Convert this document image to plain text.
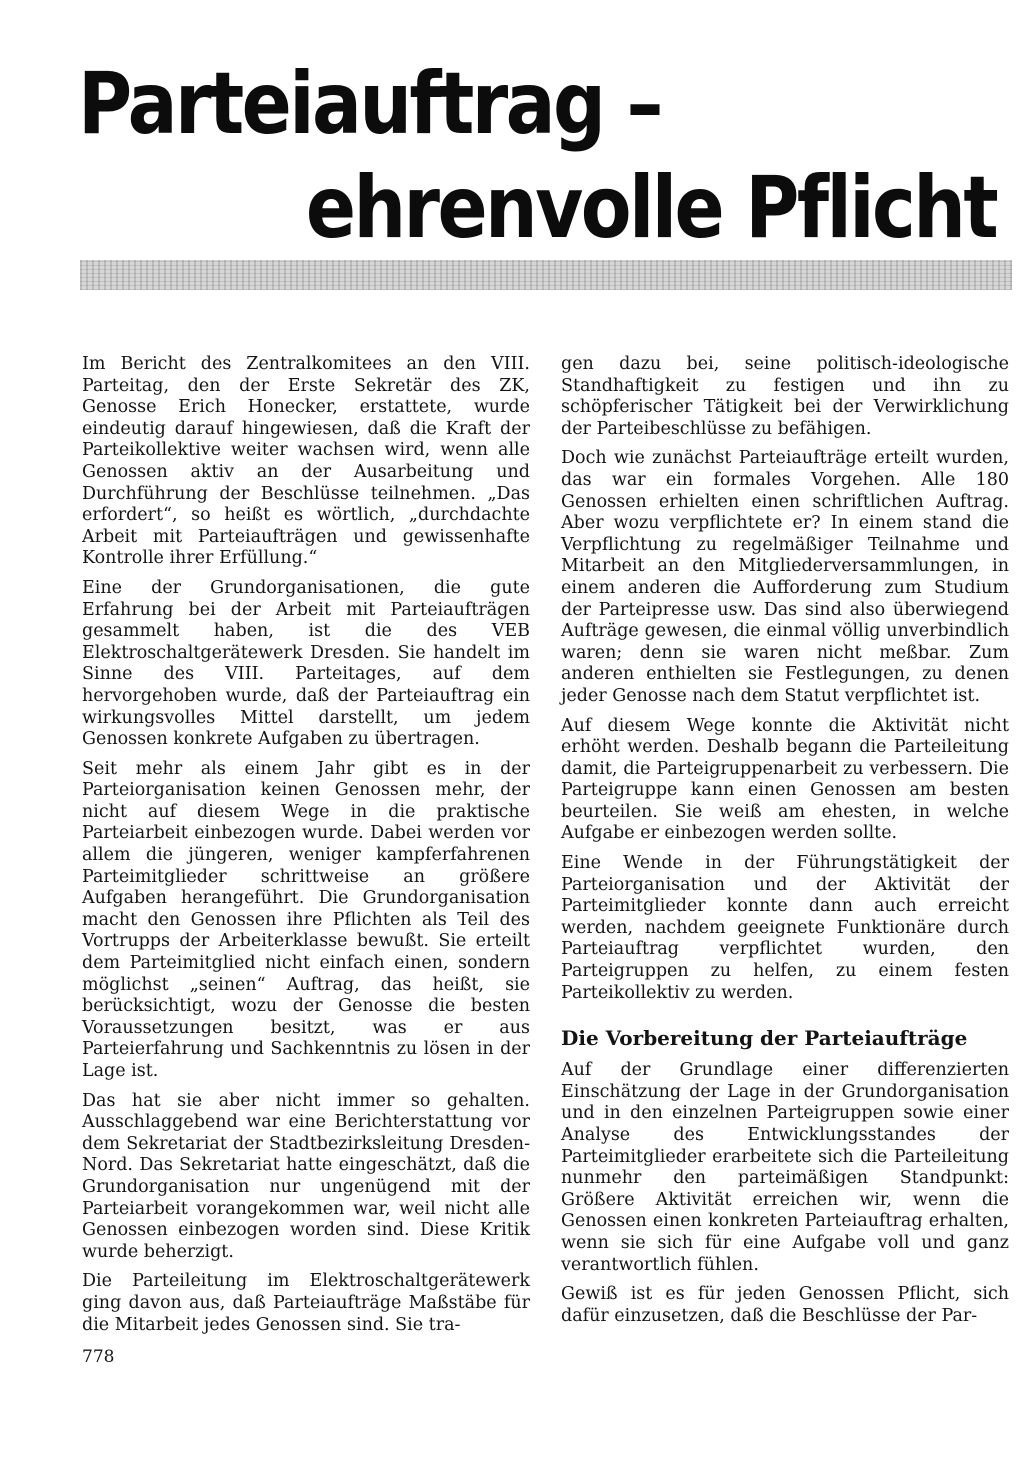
Parteiauftrag –
ehrenvolle Pflicht

Im Bericht des Zentralkomitees an den VIII. Parteitag, den der Erste Sekretär des ZK, Genosse Erich Honecker, erstattete, wurde eindeutig darauf hingewiesen, daß die Kraft der Parteikollektive weiter wachsen wird, wenn alle Genossen aktiv an der Ausarbeitung und Durchführung der Beschlüsse teilnehmen. „Das erfordert“, so heißt es wörtlich, „durchdachte Arbeit mit Parteiaufträgen und gewissenhafte Kontrolle ihrer Erfüllung.“

Eine der Grundorganisationen, die gute Erfahrung bei der Arbeit mit Parteiaufträgen gesammelt haben, ist die des VEB Elektroschaltgerätewerk Dresden. Sie handelt im Sinne des VIII. Parteitages, auf dem hervorgehoben wurde, daß der Parteiauftrag ein wirkungsvolles Mittel darstellt, um jedem Genossen konkrete Aufgaben zu übertragen.

Seit mehr als einem Jahr gibt es in der Parteiorganisation keinen Genossen mehr, der nicht auf diesem Wege in die praktische Parteiarbeit einbezogen wurde. Dabei werden vor allem die jüngeren, weniger kampferfahrenen Parteimitglieder schrittweise an größere Aufgaben herangeführt. Die Grundorganisation macht den Genossen ihre Pflichten als Teil des Vortrupps der Arbeiterklasse bewußt. Sie erteilt dem Parteimitglied nicht einfach einen, sondern möglichst „seinen“ Auftrag, das heißt, sie berücksichtigt, wozu der Genosse die besten Voraussetzungen besitzt, was er aus Parteierfahrung und Sachkenntnis zu lösen in der Lage ist.

Das hat sie aber nicht immer so gehalten. Ausschlaggebend war eine Berichterstattung vor dem Sekretariat der Stadtbezirksleitung Dresden-Nord. Das Sekretariat hatte eingeschätzt, daß die Grundorganisation nur ungenügend mit der Parteiarbeit vorangekommen war, weil nicht alle Genossen einbezogen worden sind. Diese Kritik wurde beherzigt.

Die Parteileitung im Elektroschaltgerätewerk ging davon aus, daß Parteiaufträge Maßstäbe für die Mitarbeit jedes Genossen sind. Sie tra-

gen dazu bei, seine politisch-ideologische Standhaftigkeit zu festigen und ihn zu schöpferischer Tätigkeit bei der Verwirklichung der Parteibeschlüsse zu befähigen.

Doch wie zunächst Parteiaufträge erteilt wurden, das war ein formales Vorgehen. Alle 180 Genossen erhielten einen schriftlichen Auftrag. Aber wozu verpflichtete er? In einem stand die Verpflichtung zu regelmäßiger Teilnahme und Mitarbeit an den Mitgliederversammlungen, in einem anderen die Aufforderung zum Studium der Parteipresse usw. Das sind also überwiegend Aufträge gewesen, die einmal völlig unverbindlich waren; denn sie waren nicht meßbar. Zum anderen enthielten sie Festlegungen, zu denen jeder Genosse nach dem Statut verpflichtet ist.

Auf diesem Wege konnte die Aktivität nicht erhöht werden. Deshalb begann die Parteileitung damit, die Parteigruppenarbeit zu verbessern. Die Parteigruppe kann einen Genossen am besten beurteilen. Sie weiß am ehesten, in welche Aufgabe er einbezogen werden sollte.

Eine Wende in der Führungstätigkeit der Parteiorganisation und der Aktivität der Parteimitglieder konnte dann auch erreicht werden, nachdem geeignete Funktionäre durch Parteiauftrag verpflichtet wurden, den Parteigruppen zu helfen, zu einem festen Parteikollektiv zu werden.

Die Vorbereitung der Parteiaufträge

Auf der Grundlage einer differenzierten Einschätzung der Lage in der Grundorganisation und in den einzelnen Parteigruppen sowie einer Analyse des Entwicklungsstandes der Parteimitglieder erarbeitete sich die Parteileitung nunmehr den parteimäßigen Standpunkt: Größere Aktivität erreichen wir, wenn die Genossen einen konkreten Parteiauftrag erhalten, wenn sie sich für eine Aufgabe voll und ganz verantwortlich fühlen.

Gewiß ist es für jeden Genossen Pflicht, sich dafür einzusetzen, daß die Beschlüsse der Par-

778
